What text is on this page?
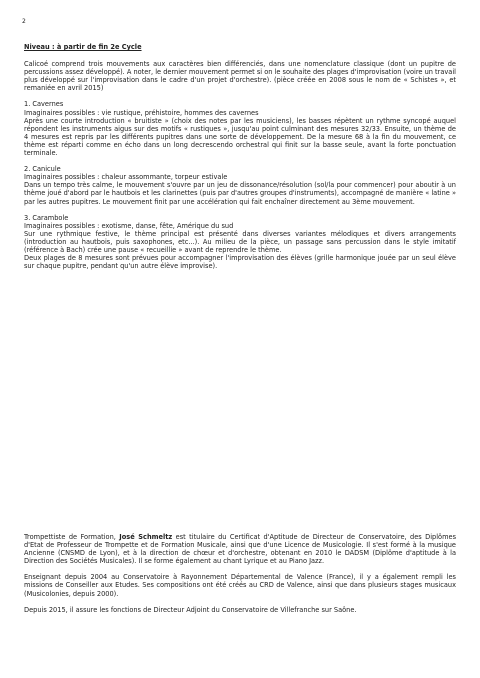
2

Niveau : à partir de fin 2e Cycle

Calicoé comprend trois mouvements aux caractères bien différenciés, dans une nomenclature classique (dont un pupitre de percussions assez développé). A noter, le dernier mouvement permet si on le souhaite des plages d'improvisation (voire un travail plus développé sur l'improvisation dans le cadre d'un projet d'orchestre). (pièce créée en 2008 sous le nom de « Schistes », et remaniée en avril 2015)

1. Cavernes

Imaginaires possibles : vie rustique, préhistoire, hommes des cavernes

Après une courte introduction « bruitiste » (choix des notes par les musiciens), les basses répètent un rythme syncopé auquel répondent les instruments aigus sur des motifs « rustiques », jusqu'au point culminant des mesures 32/33. Ensuite, un thème de 4 mesures est repris par les différents pupitres dans une sorte de développement. De la mesure 68 à la fin du mouvement, ce thème est réparti comme en écho dans un long decrescendo orchestral qui finit sur la basse seule, avant la forte ponctuation terminale.

2. Canicule

Imaginaires possibles : chaleur assommante, torpeur estivale

Dans un tempo très calme, le mouvement s'ouvre par un jeu de dissonance/résolution (sol/la pour commencer) pour aboutir à un thème joué d'abord par le hautbois et les clarinettes (puis par d'autres groupes d'instruments), accompagné de manière « latine » par les autres pupitres. Le mouvement finit par une accélération qui fait enchaîner directement au 3ème mouvement.

3. Carambole

Imaginaires possibles : exotisme, danse, fête, Amérique du sud

Sur une rythmique festive, le thème principal est présenté dans diverses variantes mélodiques et divers arrangements (introduction au hautbois, puis saxophones, etc...). Au milieu de la pièce, un passage sans percussion dans le style imitatif (référence à Bach) crée une pause « recueillie » avant de reprendre le thème.

Deux plages de 8 mesures sont prévues pour accompagner l'improvisation des élèves (grille harmonique jouée par un seul élève sur chaque pupitre, pendant qu'un autre élève improvise).

Trompettiste de Formation, José Schmeltz est titulaire du Certificat d'Aptitude de Directeur de Conservatoire, des Diplômes d'Etat de Professeur de Trompette et de Formation Musicale, ainsi que d'une Licence de Musicologie. Il s'est formé à la musique Ancienne (CNSMD de Lyon), et à la direction de chœur et d'orchestre, obtenant en 2010 le DADSM (Diplôme d'aptitude à la Direction des Sociétés Musicales). Il se forme également au chant Lyrique et au Piano Jazz.

Enseignant depuis 2004 au Conservatoire à Rayonnement Départemental de Valence (France), il y a également rempli les missions de Conseiller aux Etudes. Ses compositions ont été créés au CRD de Valence, ainsi que dans plusieurs stages musicaux (Musicolonies, depuis 2000).

Depuis 2015, il assure les fonctions de Directeur Adjoint du Conservatoire de Villefranche sur Saône.
